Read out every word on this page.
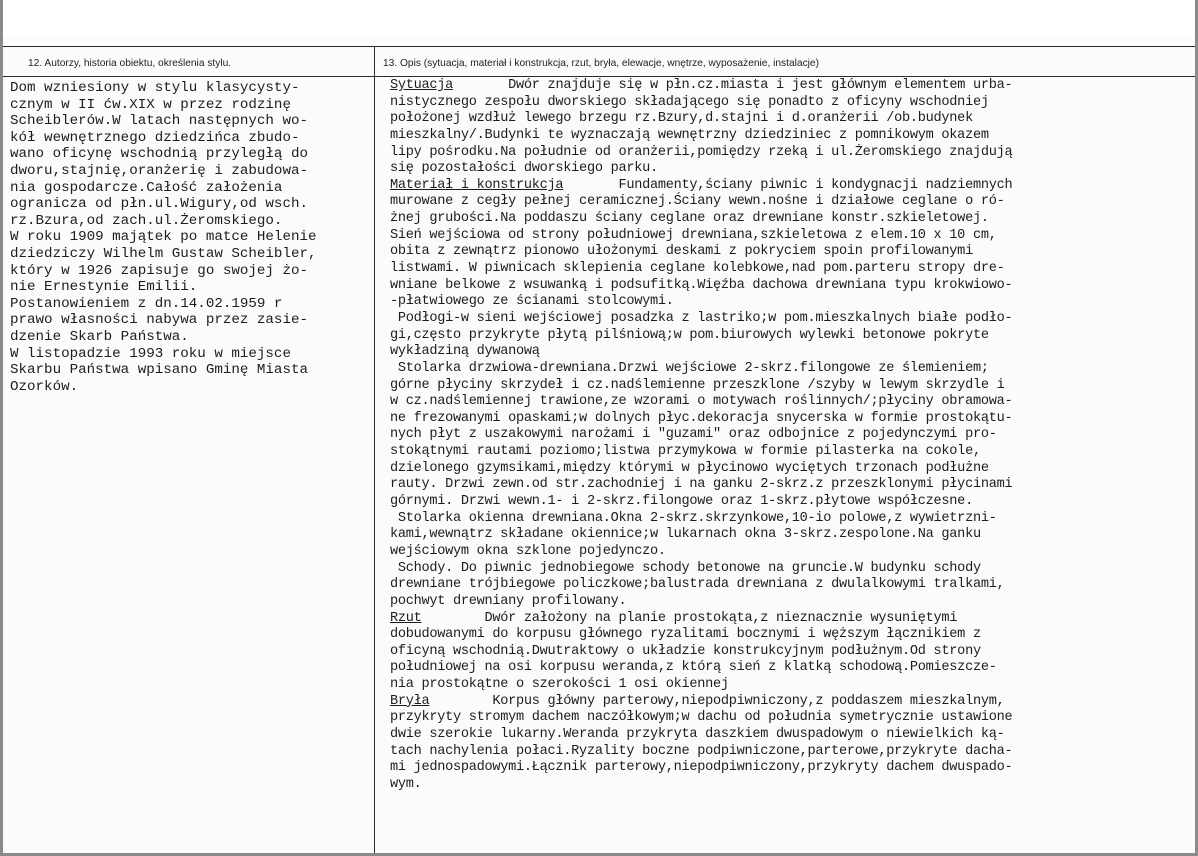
12. Autorzy, historia obiektu, określenia stylu.	13. Opis (sytuacja, materiał i konstrukcja, rzut, bryła, elewacje, wnętrze, wyposażenie, instalacje)
Dom wzniesiony w stylu klasycysty-
cznym w II ćw.XIX w przez rodzinę
Scheiblerów.W latach następnych wo-
kół wewnętrznego dziedzińca zbudo-
wano oficynę wschodnią przyległą do
dworu,stajnię,oranżerię i zabudowa-
nia gospodarcze.Całość założenia
ogranicza od płn.ul.Wigury,od wsch.
rz.Bzura,od zach.ul.Żeromskiego.
W roku 1909 majątek po matce Helenie
dziedziczy Wilhelm Gustaw Scheibler,
który w 1926 zapisuje go swojej żo-
nie Ernestynie Emilii.
Postanowieniem z dn.14.02.1959 r
prawo własności nabywa przez zasie-
dzenie Skarb Państwa.
W listopadzie 1993 roku w miejsce
Skarbu Państwa wpisano Gminę Miasta
Ozorków.
Sytuacja       Dwór znajduje się w płn.cz.miasta i jest głównym elementem urba-
nistycznego zespołu dworskiego składającego się ponadto z oficyny wschodniej
położonej wzdłuż lewego brzegu rz.Bzury,d.stajni i d.oranżerii /ob.budynek
mieszkalny/.Budynki te wyznaczają wewnętrzny dziedziniec z pomnikowym okazem
lipy pośrodku.Na południe od oranżerii,pomiędzy rzeką i ul.Żeromskiego znajdują
się pozostałości dworskiego parku.
Materiał i konstrukcja       Fundamenty,ściany piwnic i kondygnacji nadziemnych
murowane z cegły pełnej ceramicznej.Ściany wewn.nośne i działowe ceglane o ró-
żnej grubości.Na poddaszu ściany ceglane oraz drewniane konstr.szkieletowej.
Sień wejściowa od strony południowej drewniana,szkieletowa z elem.10 x 10 cm,
obita z zewnątrz pionowo ułożonymi deskami z pokryciem spoin profilowanymi
listwami. W piwnicach sklepienia ceglane kolebkowe,nad pom.parteru stropy dre-
wniane belkowe z wsuwanką i podsufitką.Więźba dachowa drewniana typu krokwiowo-
-płatwiowego ze ścianami stolcowymi.
Podłogi-w sieni wejściowej posadzka z lastriko;w pom.mieszkalnych białe podło-
gi,często przykryte płytą pilśniową;w pom.biurowych wylewki betonowe pokryte
wykładziną dywanową
Stolarka drzwiowa-drewniana.Drzwi wejściowe 2-skrz.filongowe ze ślemieniem;
górne płyciny skrzydeł i cz.nadślemienne przeszklone /szyby w lewym skrzydle i
w cz.nadślemiennej trawione,ze wzorami o motywach roślinnych/;płyciny obramowa-
ne frezowanymi opaskami;w dolnych płyc.dekoracja snycerska w formie prostokątu-
nych płyt z uszakowymi narożami i "guzami" oraz odbojnice z pojedynczymi pro-
stokątnymi rautami poziomo;listwa przymykowa w formie pilasterka na cokole,
dzielonego gzymsikami,między którymi w płycinowo wyciętych trzonach podłużne
rauty. Drzwi zewn.od str.zachodniej i na ganku 2-skrz.z przeszklonymi płycinami
górnymi. Drzwi wewn.1- i 2-skrz.filongowe oraz 1-skrz.płytowe współczesne.
Stolarka okienna drewniana.Okna 2-skrz.skrzynkowe,10-io polowe,z wywietrzni-
kami,wewnątrz składane okiennice;w lukarnach okna 3-skrz.zespolone.Na ganku
wejściowym okna szklone pojedynczo.
Schody. Do piwnic jednobiegowe schody betonowe na gruncie.W budynku schody
drewniane trójbiegowe policzkowe;balustrada drewniana z dwulalkowymi tralkami,
pochwyt drewniany profilowany.
Rzut        Dwór założony na planie prostokąta,z nieznacznie wysuniętymi
dobudowanymi do korpusu głównego ryzalitami bocznymi i węższym łącznikiem z
oficyną wschodnią.Dwutraktowy o układzie konstrukcyjnym podłużnym.Od strony
południowej na osi korpusu weranda,z którą sień z klatką schodową.Pomieszcze-
nia prostokątne o szerokości 1 osi okiennej
Bryła        Korpus główny parterowy,niepodpiwniczony,z poddaszem mieszkalnym,
przykryty stromym dachem naczółkowym;w dachu od południa symetrycznie ustawione
dwie szerokie lukarny.Weranda przykryta daszkiem dwuspadowym o niewielkich ką-
tach nachylenia połaci.Ryzality boczne podpiwniczone,parterowe,przykryte dacha-
mi jednospadowymi.Łącznik parterowy,niepodpiwniczony,przykryty dachem dwuspado-
wym.
